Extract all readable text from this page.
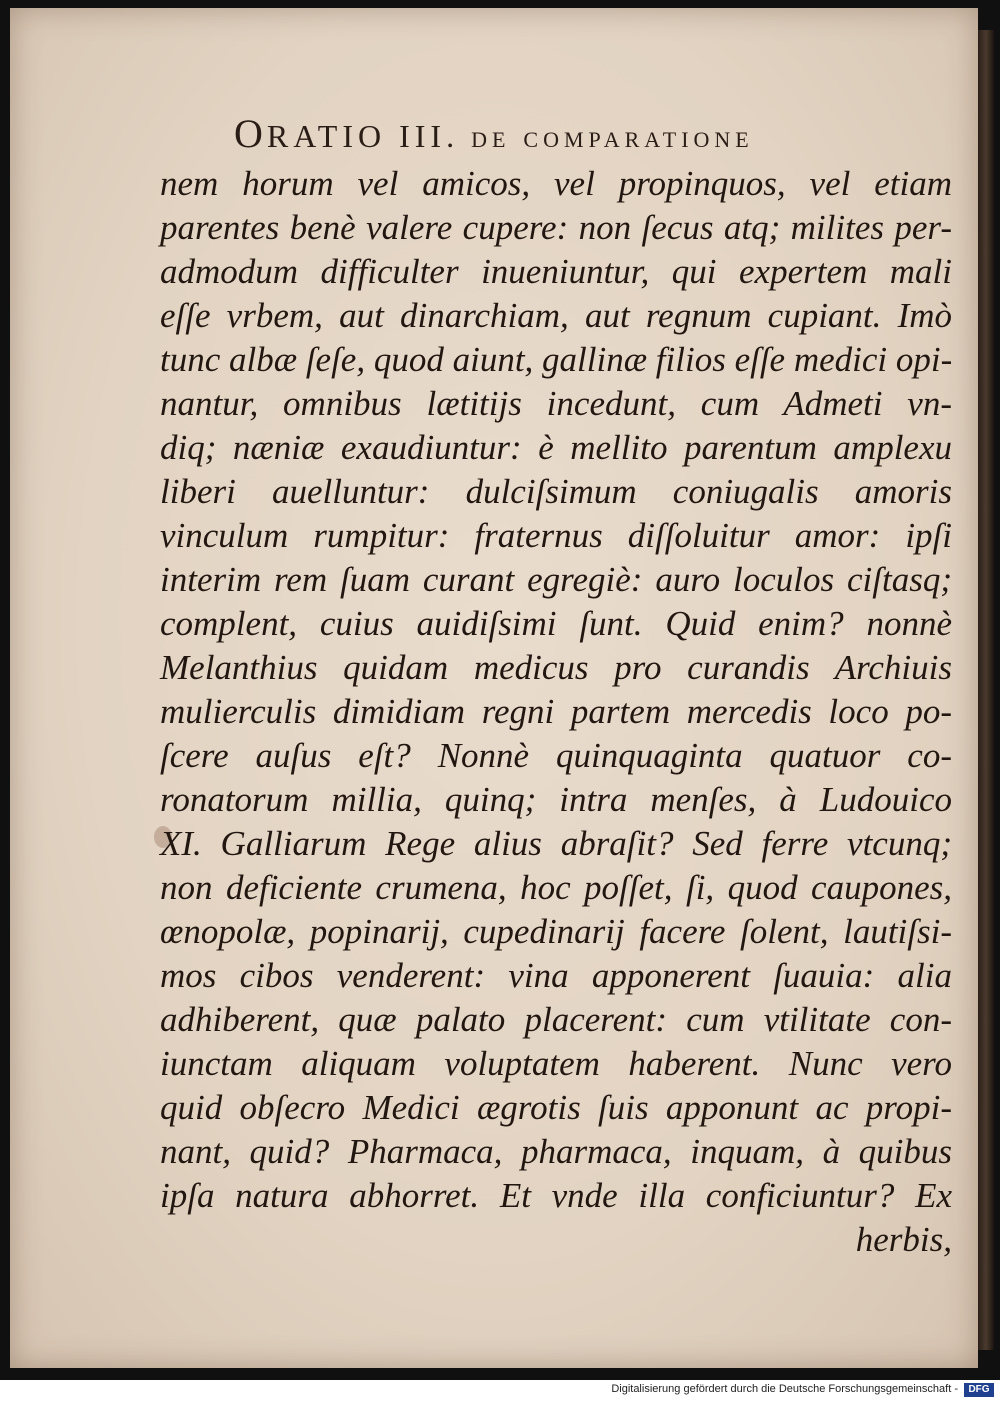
ORATIO III. de comparatione
nem horum vel amicos, vel propinquos, vel etiam
parentes benè valere cupere: non ſecus atq; milites per-
admodum difficulter inueniuntur, qui expertem mali
eſſe vrbem, aut dinarchiam, aut regnum cupiant. Imò
tunc albæ ſeſe, quod aiunt, gallinæ filios eſſe medici opi-
nantur, omnibus lætitijs incedunt, cum Admeti vn-
diq; næniæ exaudiuntur: è mellito parentum amplexu
liberi auelluntur: dulciſsimum coniugalis amoris
vinculum rumpitur: fraternus diſſoluitur amor: ipſi
interim rem ſuam curant egregiè: auro loculos ciſtasq;
complent, cuius auidiſsimi ſunt. Quid enim? nonnè
Melanthius quidam medicus pro curandis Archiuis
mulierculis dimidiam regni partem mercedis loco po-
ſcere auſus eſt? Nonnè quinquaginta quatuor co-
ronatorum millia, quinq; intra menſes, à Ludouico
XI. Galliarum Rege alius abraſit? Sed ferre vtcunq;
non deficiente crumena, hoc poſſet, ſi, quod caupones,
œnopolæ, popinarij, cupedinarij facere ſolent, lautiſsi-
mos cibos venderent: vina apponerent ſuauia: alia
adhiberent, quæ palato placerent: cum vtilitate con-
iunctam aliquam voluptatem haberent. Nunc vero
quid obſecro Medici ægrotis ſuis apponunt ac propi-
nant, quid? Pharmaca, pharmaca, inquam, à quibus
ipſa natura abhorret. Et vnde illa conficiuntur? Ex
herbis,
Digitalisierung gefördert durch die Deutsche Forschungsgemeinschaft -	DFG
